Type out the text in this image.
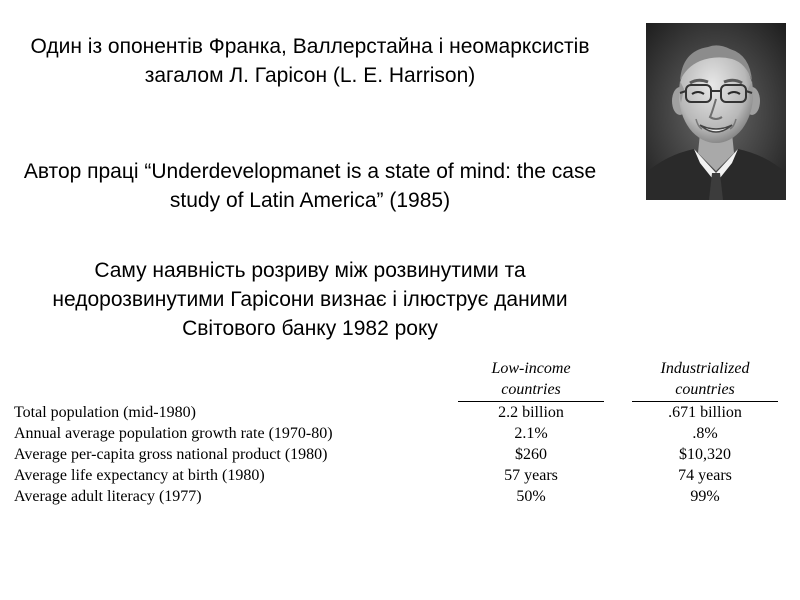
Один із опонентів Франка, Валлерстайна і неомарксистів загалом Л. Гарісон (L. E. Harrison)
Автор праці “Underdevelopmanet is a state of mind: the case study of Latin America” (1985)
Саму наявність розриву між розвинутими та недорозвинутими Гарісони визнає і ілюструє даними Світового банку 1982 року

	Low-income
countries		Industrialized
countries

Total population (mid-1980)	2.2 billion		.671 billion
Annual average population growth rate (1970-80)	2.1%		.8%
Average per-capita gross national product (1980)	$260		$10,320
Average life expectancy at birth (1980)	57 years		74 years
Average adult literacy (1977)	50%		99%
